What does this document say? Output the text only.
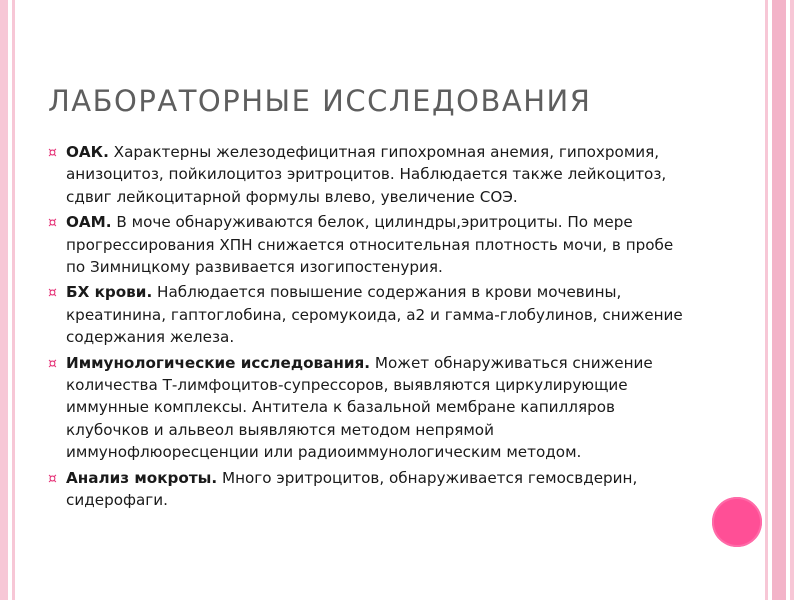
ЛАБОРАТОРНЫЕ ИССЛЕДОВАНИЯ
¤ ОАК. Характерны железодефицитная гипохромная анемия, гипохромия, анизоцитоз, пойкилоцитоз эритроцитов. Наблюдается также лейкоцитоз, сдвиг лейкоцитарной формулы влево, увеличение СОЭ.
¤ ОАМ. В моче обнаруживаются белок, цилиндры,эритроциты. По мере прогрессирования ХПН снижается относительная плотность мочи, в пробе по Зимницкому развивается изогипостенурия.
¤ БХ крови. Наблюдается повышение содержания в крови мочевины, креатинина, гаптоглобина, серомукоида, а2 и гамма-глобулинов, снижение содержания железа.
¤ Иммунологические исследования. Может обнаруживаться снижение количества Т-лимфоцитов-супрессоров, выявляются циркулирующие иммунные комплексы. Антитела к базальной мембране капилляров клубочков и альвеол выявляются методом непрямой иммунофлюоресценции или радиоиммунологическим методом.
¤ Анализ мокроты. Много эритроцитов, обнаруживается гемосвдерин, сидерофаги.
